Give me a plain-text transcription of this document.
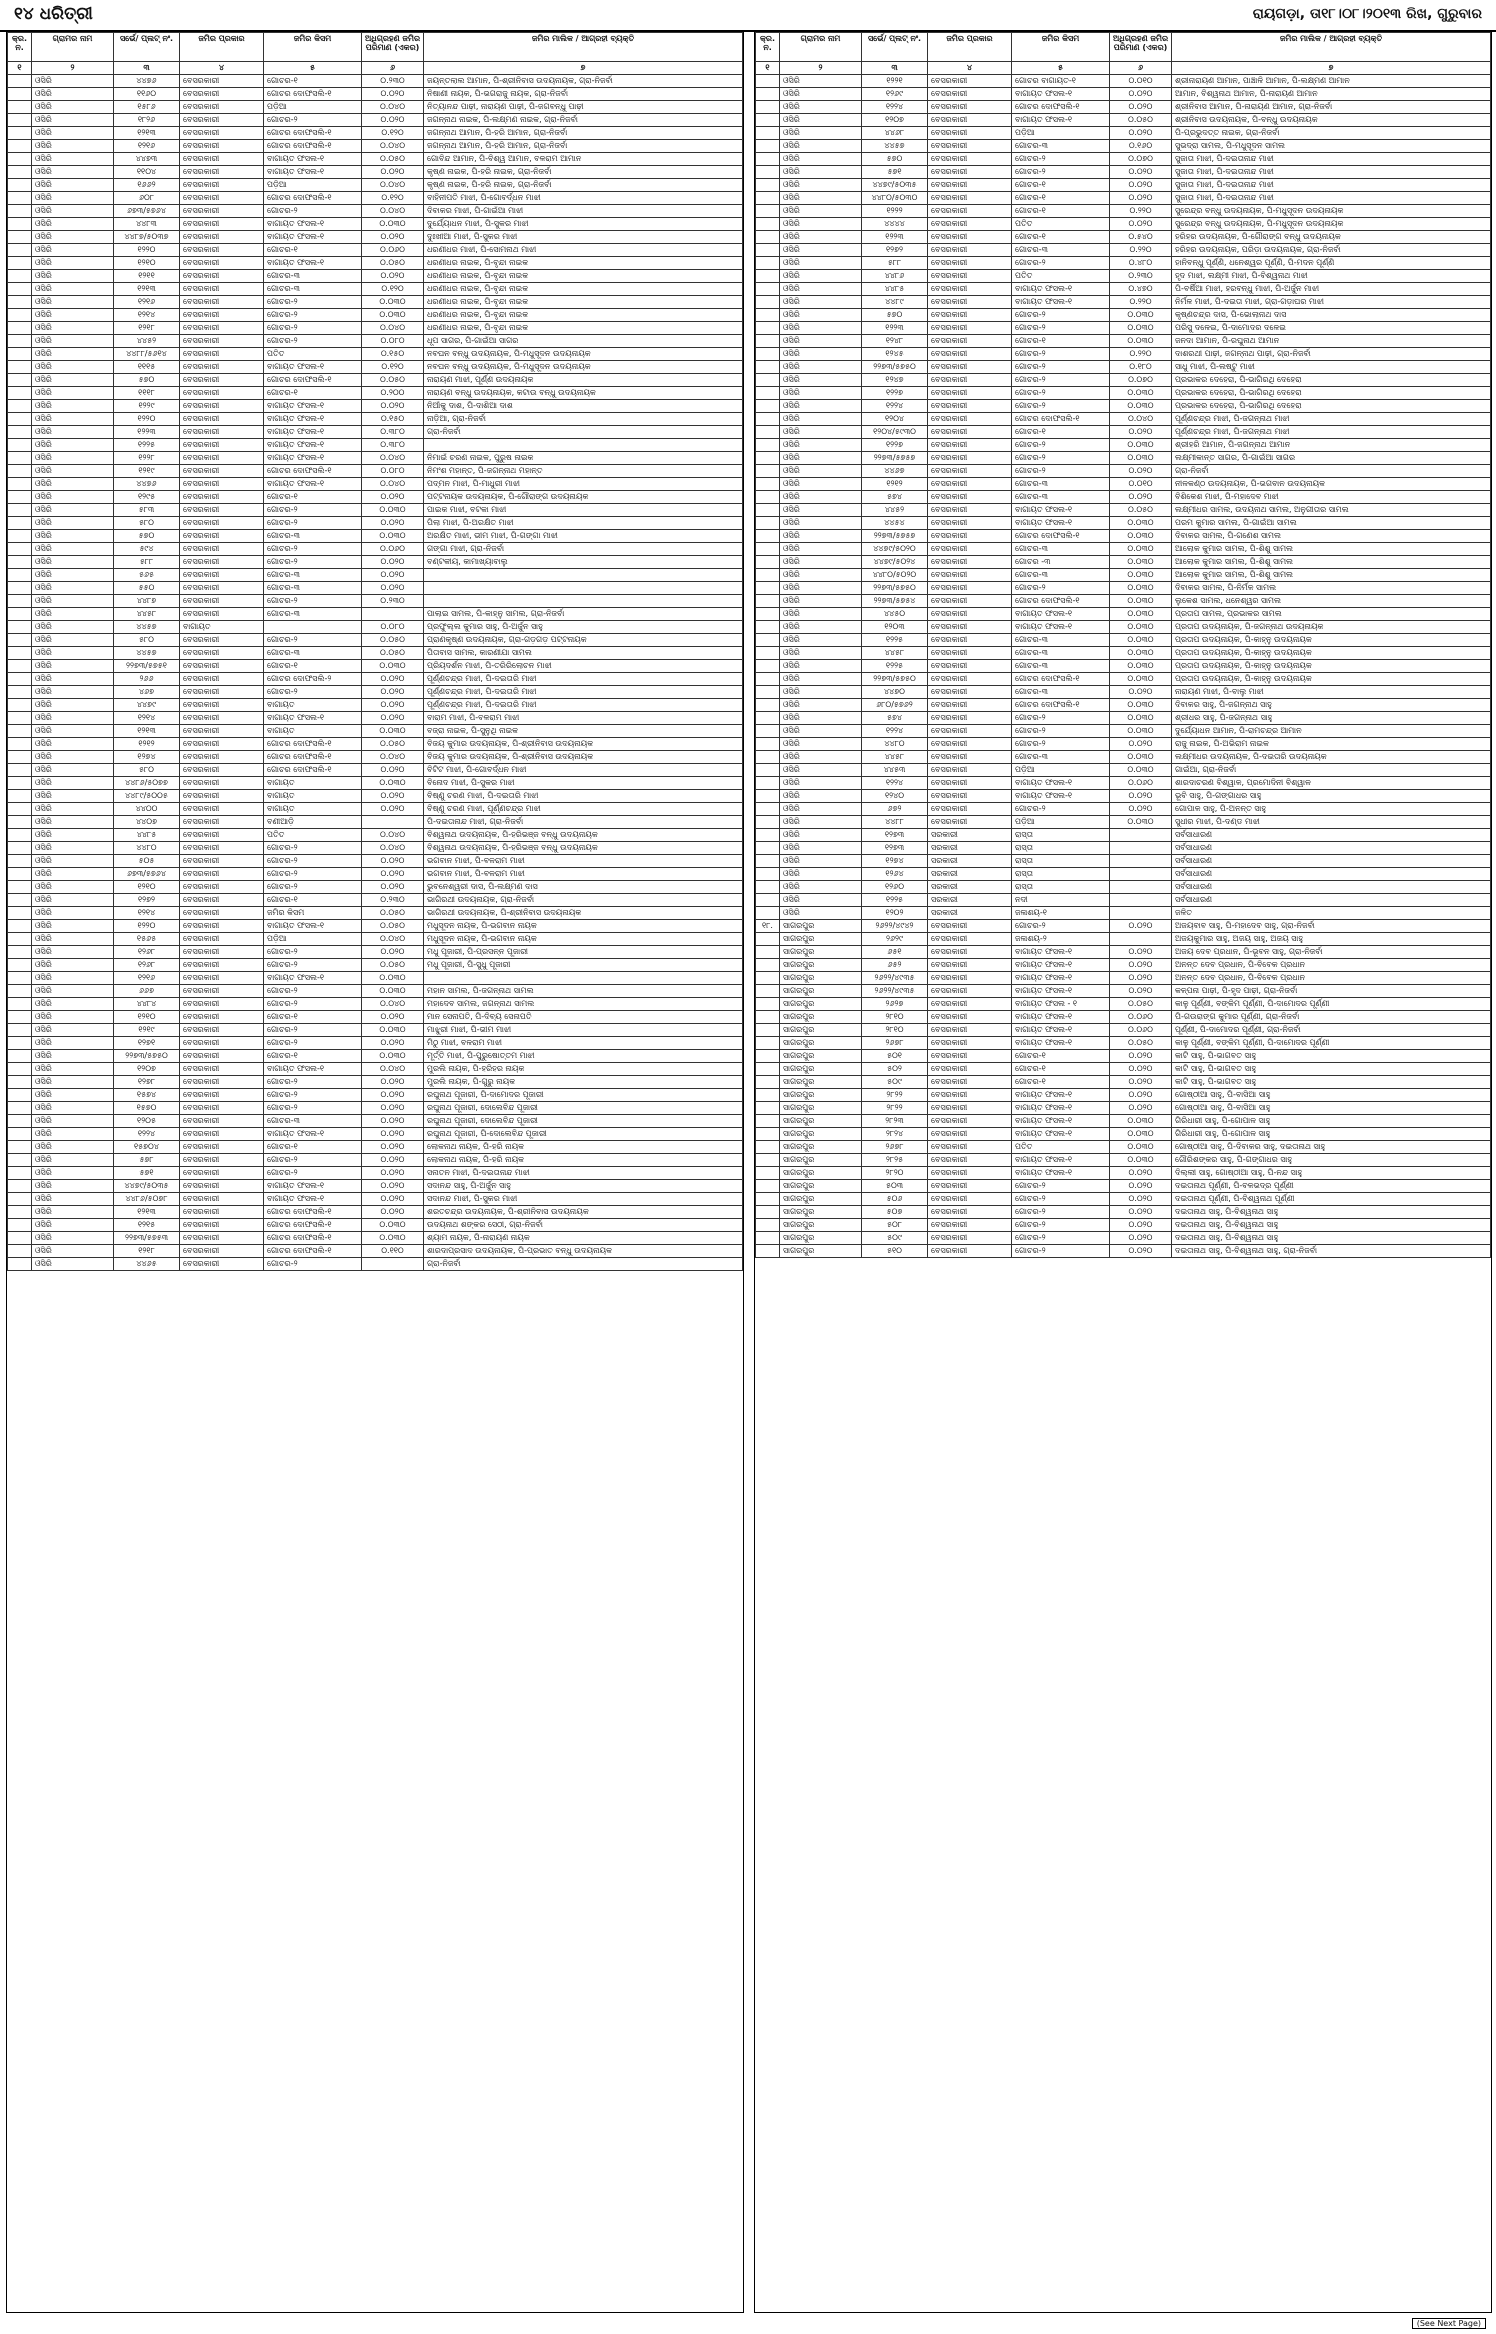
୧୪ ଧରିତ୍ରୀ	ରାୟଗଡ଼ା, ତା୧୮।୦୮।୨୦୧୩ ରିଖ, ଗୁରୁବାର
କ୍ର. ନ.	ଗ୍ରାମର ନାମ	ସର୍ଭେ/ ପ୍ଲଟ୍ ନଂ.	ଜମିର ପ୍ରକାର	ଜମିର କିସମ	ଅଧିଗ୍ରହଣ ଜମିର ପରିମାଣ (ଏକର)	ଜମିର ମାଲିକ / ଆଗ୍ରହୀ ବ୍ୟକ୍ତି
୧	୨	୩	୪	୫	୬	୭
	ଓସିରି	୪୪୭୬	ବେସରକାରୀ	ଗୋଚର-୧	୦.୨୩୦	ଜୟନ୍ତଲାଲ ଆମାନ, ପି-ଶ୍ରୀନିବାସ ଉଦୟନାୟକ, ଗ୍ରା-ନିଜର୍ବା
	ଓସିରି	୧୧୬୦	ବେସରକାରୀ	ଗୋଚର ଦୋଫସଲି-୧	୦.୦୨୦	ନିଷାଣୀ ନାୟକ, ପି-ଭଗରାଜୁ ନାୟକ, ଗ୍ରା-ନିଜର୍ବା
	ଓସିରି	୧୫୮୬	ବେସରକାରୀ	ପଡ଼ିଆ	୦.୦୪୦	ନିତ୍ୟାନନ୍ଦ ପାଢ଼ୀ, ନାରାୟଣ ପାଢ଼ୀ, ପି-ଜଗବନ୍ଧୁ ପାଢ଼ୀ
	ଓସିରି	୧୮୨୬	ବେସରକାରୀ	ଗୋଚର-୨	୦.୦୨୦	ଜଗନ୍ନାଥ ନାଇକ, ପି-ଲକ୍ଷ୍ମଣ ନାଇକ, ଗ୍ରା-ନିଜର୍ବା
	ଓସିରି	୧୨୧୩	ବେସରକାରୀ	ଗୋଚର ଦୋଫସଲି-୧	୦.୧୨୦	ଜଗନ୍ନାଥ ଆମାନ, ପି-ହରି ଆମାନ, ଗ୍ରା-ନିଜର୍ବା
	ଓସିରି	୧୨୧୬	ବେସରକାରୀ	ଗୋଚର ଦୋଫସଲି-୧	୦.୦୪୦	ଜଗନ୍ନାଥ ଆମାନ, ପି-ହରି ଆମାନ, ଗ୍ରା-ନିଜର୍ବା
	ଓସିରି	୪୪୭୩	ବେସରକାରୀ	ବାଗାୟତ ଫସଲ-୧	୦.୦୫୦	ଗୋବିନ୍ଦ ଆମାନ, ପି-ବିଶ୍ୱ ଆମାନ, ବଳରାମ ଆମାନ
	ଓସିରି	୧୧୦୪	ବେସରକାରୀ	ବାଗାୟତ ଫସଲ-୧	୦.୦୨୦	କୃଷ୍ଣ ନାଇକ, ପି-ହରି ନାଇକ, ଗ୍ରା-ନିଜର୍ବା
	ଓସିରି	୧୬୬୨	ବେସରକାରୀ	ପଡ଼ିଆ	୦.୦୪୦	କୃଷ୍ଣ ନାଇକ, ପି-ହରି ନାଇକ, ଗ୍ରା-ନିଜର୍ବା
	ଓସିରି	୬୦୮	ବେସରକାରୀ	ଗୋଚର ଦୋଫସଲି-୧	୦.୧୨୦	ବାହିନୀପତି ମାଝୀ, ପି-ଗୋବର୍ଦ୍ଧନ ମାଝୀ
	ଓସିରି	୬୭୩/୫୭୬୪	ବେସରକାରୀ	ଗୋଚର-୨	୦.୦୪୦	ଦିବାକର ମାଝୀ, ପି-ଗାଇଁଆ ମାଝୀ
	ଓସିରି	୪୪୮୩	ବେସରକାରୀ	ବାଗାୟତ ଫସଲ-୧	୦.୦୩୦	ଦୁର୍ଯ୍ୟୋଧନ ମାଝୀ, ପି-ସୁକର ମାଝୀ
	ଓସିରି	୪୪୮୭/୫୦୩୭	ବେସରକାରୀ	ବାଗାୟତ ଫସଲ-୧	୦.୦୨୦	ଦୁଃଖୀଆ ମାଝୀ, ପି-ସୁକର ମାଝୀ
	ଓସିରି	୧୨୨୦	ବେସରକାରୀ	ଗୋଚର-୧	୦.୦୬୦	ଧରଣୀଧର ମାଝୀ, ପି-ସୋମନାଥ ମାଝୀ
	ଓସିରି	୧୨୧୦	ବେସରକାରୀ	ବାଗାୟତ ଫସଲ-୧	୦.୦୫୦	ଧରଣୀଧର ନାଇକ, ପି-ବୃନ୍ଦା ନାଇକ
	ଓସିରି	୧୨୧୧	ବେସରକାରୀ	ଗୋଚର-୩	୦.୦୨୦	ଧରଣୀଧର ନାଇକ, ପି-ବୃନ୍ଦା ନାଇକ
	ଓସିରି	୧୨୧୩	ବେସରକାରୀ	ଗୋଚର-୩	୦.୧୨୦	ଧରଣୀଧର ନାଇକ, ପି-ବୃନ୍ଦା ନାଇକ
	ଓସିରି	୧୨୧୬	ବେସରକାରୀ	ଗୋଚର-୨	୦.୦୩୦	ଧରଣୀଧର ନାଇକ, ପି-ବୃନ୍ଦା ନାଇକ
	ଓସିରି	୧୨୧୪	ବେସରକାରୀ	ଗୋଚର-୨	୦.୦୩୦	ଧରଣୀଧର ନାଇକ, ପି-ବୃନ୍ଦା ନାଇକ
	ଓସିରି	୧୨୧୮	ବେସରକାରୀ	ଗୋଚର-୨	୦.୦୪୦	ଧରଣୀଧର ନାଇକ, ପି-ବୃନ୍ଦା ନାଇକ
	ଓସିରି	୪୪୫୨	ବେସରକାରୀ	ଗୋଚର-୨	୦.୦୮୦	ଧୂପ ସାଗର, ପି-ଗାଇଁଆ ସାଗର
	ଓସିରି	୪୪୮୮/୫୬୧୪	ବେସରକାରୀ	ପତିତ	୦.୧୫୦	ନବଘନ ବନ୍ଧୁ ଉଦୟନାୟକ, ପି-ମଧୁସୂଦନ ଉଦୟନାୟକ
	ଓସିରି	୧୧୧୫	ବେସରକାରୀ	ବାଗାୟତ ଫସଲ-୧	୦.୧୨୦	ନବଘନ ବନ୍ଧୁ ଉଦୟନାୟକ, ପି-ମଧୁସୂଦନ ଉଦୟନାୟକ
	ଓସିରି	୫୭୦	ବେସରକାରୀ	ଗୋଚର ଦୋଫସଲି-୧	୦.୦୫୦	ନାରାୟଣ ମାଝୀ, ପୂର୍ଣ୍ଣ ଉଦୟନାୟକ
	ଓସିରି	୧୧୧୮	ବେସରକାରୀ	ଗୋଚର-୧	୦.୨୦୦	ନାରାୟଣ ବନ୍ଧୁ ଉଦୟନାୟକ, କଟାଉ ବନ୍ଧୁ ଉଦୟନାୟକ
	ଓସିରି	୧୨୨୯	ବେସରକାରୀ	ବାଗାୟତ ଫସଲ-୧	୦.୦୨୦	ନିଆଁକୁ ଦାଶ, ପି-ଦାଶିଆ ଦାଶ
	ଓସିରି	୧୨୨୦	ବେସରକାରୀ	ବାଗାୟତ ଫସଲ-୧	୦.୧୫୦	ନାଡ଼ିଆ, ଗ୍ରା-ନିଜର୍ବା
	ଓସିରି	୧୨୨୩	ବେସରକାରୀ	ବାଗାୟତ ଫସଲ-୧	୦.୩୮୦	ଗ୍ରା-ନିଜର୍ବା
	ଓସିରି	୧୨୨୫	ବେସରକାରୀ	ବାଗାୟତ ଫସଲ-୧	୦.୩୮୦	
	ଓସିରି	୧୨୨୮	ବେସରକାରୀ	ବାଗାୟତ ଫସଲ-୧	୦.୦୪୦	ନିମାଇଁ ଚରଣ ନାଇକ, ପୁରୁଷ ନାଇକ
	ଓସିରି	୧୨୧୯	ବେସରକାରୀ	ଗୋଚର ଦୋଫସଲି-୧	୦.୦୮୦	ନିମଂଶ ମହାନ୍ତ, ପି-ଜଗନ୍ନାଥ ମହାନ୍ତ
	ଓସିରି	୪୪୭୬	ବେସରକାରୀ	ବାଗାୟତ ଫସଲ-୧	୦.୦୪୦	ପଦ୍ମନ ମାଝୀ, ପି-ମାଧୁରୀ ମାଝୀ
	ଓସିରି	୧୨୯୫	ବେସରକାରୀ	ଗୋଚର-୧	୦.୦୨୦	ପଟ୍ଟନାୟକ ଉଦୟନାୟକ, ପି-ଗୌରାଙ୍ଗ ଉଦୟନାୟକ
	ଓସିରି	୫୮୩	ବେସରକାରୀ	ଗୋଚର-୨	୦.୦୩୦	ପାଇକ ମାଝୀ, ବଟକା ମାଝୀ
	ଓସିରି	୫୮୦	ବେସରକାରୀ	ଗୋଚର-୨	୦.୦୨୦	ପିଲା ମାଝୀ, ପି-ଅରକ୍ଷିତ ମାଝୀ
	ଓସିରି	୫୭୦	ବେସରକାରୀ	ଗୋଚର-୩	୦.୦୩୦	ଅରକ୍ଷିତ ମାଝୀ, ଭୀମ ମାଝୀ, ପି-ଗଙ୍ଗା ମାଝୀ
	ଓସିରି	୫୯୪	ବେସରକାରୀ	ଗୋଚର-୨	୦.୦୬୦	ଗଙ୍ଗା ମାଝୀ, ଗ୍ରା-ନିଜର୍ବା
	ଓସିରି	୫୮୮	ବେସରକାରୀ	ଗୋଚର-୨	୦.୦୨୦	ବଣ୍ଟକୀୟ, କାମାଖ୍ୟାବାଲୁ
	ଓସିରି	୫୬୫	ବେସରକାରୀ	ଗୋଚର-୩	୦.୦୨୦	
	ଓସିରି	୫୫୦	ବେସରକାରୀ	ଗୋଚର-୩	୦.୦୨୦	
	ଓସିରି	୪୪୮୭	ବେସରକାରୀ	ଗୋଚର-୨	୦.୨୩୦	
	ଓସିରି	୪୪୫୮	ବେସରକାରୀ	ଗୋଚର-୩		ପାଲାଇ ସାମଲ, ପି-କାହ୍ନୁ ସାମଲ, ଗ୍ରା-ନିଜର୍ବା
	ଓସିରି	୪୪୫୭	ବାଗାୟତ		୦.୦୮୦	ପ୍ରଫୁଲ୍ଲ କୁମାର ସାହୁ, ପି-ଅର୍ଜୁନ ସାହୁ
	ଓସିରି	୫୮୦	ବେସରକାରୀ	ଗୋଚର-୨	୦.୦୫୦	ପ୍ରାଣକୃଷ୍ଣ ଉଦୟନାୟକ, ଗ୍ରା-ଗଡ଼ଗଡ଼ ପଟ୍ଟନାୟକ
	ଓସିରି	୪୪୫୭	ବେସରକାରୀ	ଗୋଚର-୩	୦.୦୫୦	ପିତାବାସ ସାମଲ, କାରଣୀଯା ସାମଲ
	ଓସିରି	୨୨୭୩/୫୭୫୧	ବେସରକାରୀ	ଗୋଚର-୧	୦.୦୩୦	ପ୍ରିୟଦର୍ଶନ ମାଝୀ, ପି-ତରିରିଲୋଚନ ମାଝୀ
	ଓସିରି	୨୬୬	ବେସରକାରୀ	ଗୋଚର ଦୋଫସଲି-୨	୦.୦୨୦	ପୂର୍ଣ୍ଣଚନ୍ଦ୍ର ମାଝୀ, ପି-ଦଇତାରି ମାଝୀ
	ଓସିରି	୪୬୭	ବେସରକାରୀ	ଗୋଚର-୨	୦.୦୨୦	ପୂର୍ଣ୍ଣଚନ୍ଦ୍ର ମାଝୀ, ପି-ଦଇତାରି ମାଝୀ
	ଓସିରି	୪୪୭୯	ବେସରକାରୀ	ବାଗାୟତ	୦.୦୨୦	ପୂର୍ଣ୍ଣଚନ୍ଦ୍ର ମାଝୀ, ପି-ଦଇତାରି ମାଝୀ
	ଓସିରି	୧୨୧୪	ବେସରକାରୀ	ବାଗାୟତ ଫସଲ-୧	୦.୦୨୦	ବାରାମ ମାଝୀ, ପି-ବଳରାମ ମାଝୀ
	ଓସିରି	୧୨୧୩	ବେସରକାରୀ	ବାଗାୟତ	୦.୦୩୦	ବଜ୍ରା ନାଇକ, ପି-ସୁନୁଥି ନାଇକ
	ଓସିରି	୧୨୧୨	ବେସରକାରୀ	ଗୋଚର ଦୋଫସଲି-୧	୦.୦୫୦	ବିଜୟ କୁମାର ଉଦୟନାୟକ, ପି-ଶ୍ରୀନିବାସ ଉଦୟନାୟକ
	ଓସିରି	୧୨୭୪	ବେସରକାରୀ	ଗୋଚର ଦୋଫସଲି-୧	୦.୦୪୦	ବିଜୟ କୁମାର ଉଦୟନାୟକ, ପି-ଶ୍ରୀନିବାସ ଉଦୟନାୟକ
	ଓସିରି	୫୮୦	ବେସରକାରୀ	ଗୋଚର ଦୋଫସଲି-୧	୦.୦୨୦	ବିଟିଟ ମାଝୀ, ପି-ଗୋବର୍ଦ୍ଧନ ମାଝୀ
	ଓସିରି	୪୪୮୬/୫୦୭୭	ବେସରକାରୀ	ବାଗାୟତ	୦.୦୩୦	ବିନୋଦ ମାଝୀ, ପି-ସୁକର ମାଝୀ
	ଓସିରି	୪୪୮୯/୫୦୦୫	ବେସରକାରୀ	ବାଗାୟତ	୦.୦୨୦	ବିଷ୍ଣୁ ଚରଣ ମାଝୀ, ପି-ଦଇତାରି ମାଝୀ
	ଓସିରି	୪୪୦୦	ବେସରକାରୀ	ବାଗାୟତ	୦.୦୨୦	ବିଷ୍ଣୁ ଚରଣ ମାଝୀ, ପୂର୍ଣ୍ଣଚନ୍ଦ୍ର ମାଝୀ
	ଓସିରି	୪୪୦୭	ବେସରକାରୀ	ବଣୀଆଡ଼ି		ପି-ଦଇତାନାନ୍ଦ ମାଝୀ, ଗ୍ରା-ନିଜର୍ବା
	ଓସିରି	୪୪୮୫	ବେସରକାରୀ	ପତିତ	୦.୦୪୦	ବିଶ୍ୱନାଥ ଉଦୟନାୟକ, ପି-ହରିଭଞ୍ଜ ବନ୍ଧୁ ଉଦୟନାୟକ
	ଓସିରି	୪୪୮୦	ବେସରକାରୀ	ଗୋଚର-୨	୦.୦୪୦	ବିଶ୍ୱନାଥ ଉଦୟନାୟକ, ପି-ହରିଭଞ୍ଜ ବନ୍ଧୁ ଉଦୟନାୟକ
	ଓସିରି	୫୦୫	ବେସରକାରୀ	ଗୋଚର-୨	୦.୦୨୦	ଭଗବାନ ମାଝୀ, ପି-ବଳରାମ ମାଝୀ
	ଓସିରି	୬୭୩/୫୭୬୪	ବେସରକାରୀ	ଗୋଚର-୨	୦.୦୨୦	ଭଗବାନ ମାଝୀ, ପି-ବଳରାମ ମାଝୀ
	ଓସିରି	୧୨୧୦	ବେସରକାରୀ	ଗୋଚର-୨	୦.୦୨୦	ଭୁବନେଶ୍ୱରୀ ଦାସ, ପି-ଲକ୍ଷ୍ମଣ ଦାସ
	ଓସିରି	୧୨୭୨	ବେସରକାରୀ	ଗୋଚର-୧	୦.୨୩୦	ଭାଗିରଥୀ ଉଦୟନାୟକ, ଗ୍ରା-ନିଜର୍ବା
	ଓସିରି	୧୨୧୪	ବେସରକାରୀ	ଜମିର କିସମ	୦.୦୫୦	ଭାଗିରଥୀ ଉଦୟନାୟକ, ପି-ଶ୍ରୀନିବାସ ଉଦୟନାୟକ
	ଓସିରି	୧୨୨୦	ବେସରକାରୀ	ବାଗାୟତ ଫସଲ-୧	୦.୦୫୦	ମଧୁସୂଦନ ନାୟକ, ପି-ଭଗବାନ ନାୟକ
	ଓସିରି	୧୫୬୫	ବେସରକାରୀ	ପଡ଼ିଆ	୦.୦୪୦	ମଧୁସୂଦନ ନାୟକ, ପି-ଭଗବାନ ନାୟକ
	ଓସିରି	୧୨୬୮	ବେସରକାରୀ	ଗୋଚର-୨	୦.୦୨୦	ମଧୁ ପୂଜାରୀ, ପି-ପ୍ରସନ୍ନ ପୂଜାରୀ
	ଓସିରି	୧୨୬୮	ବେସରକାରୀ	ଗୋଚର-୨	୦.୦୫୦	ମଧୁ ପୂଜାରୀ, ପି-ସୁଧୁ ପୂଜାରୀ
	ଓସିରି	୧୨୧୬	ବେସରକାରୀ	ବାଗାୟତ ଫସଲ-୧	୦.୦୩୦	
	ଓସିରି	୬୬୭	ବେସରକାରୀ	ଗୋଚର-୨	୦.୦୩୦	ମହାନ ସାମଲ, ପି-ଜଗନ୍ନାଥ ସାମଲ
	ଓସିରି	୪୪୮୪	ବେସରକାରୀ	ଗୋଚର-୨	୦.୦୪୦	ମହାଦେବ ସାମଲ, ଜଗନ୍ନାଥ ସାମଲ
	ଓସିରି	୧୨୧୦	ବେସରକାରୀ	ଗୋଚର-୧	୦.୦୨୦	ମାନ ସେନାପତି, ପି-ଦିବ୍ୟ ସେନାପତି
	ଓସିରି	୧୨୧୯	ବେସରକାରୀ	ଗୋଚର-୨	୦.୦୩୦	ମାଝୁରୀ ମାଝୀ, ପି-ଭୀମ ମାଝୀ
	ଓସିରି	୧୨୭୧	ବେସରକାରୀ	ଗୋଚର-୨	୦.୦୨୦	ମିଠୁ ମାଝୀ, ବଳରାମ ମାଝୀ
	ଓସିରି	୨୨୭୩/୫୭୫୦	ବେସରକାରୀ	ଗୋଚର-୧	୦.୦୩୦	ମୂର୍ତ୍ତି ମାଝୀ, ପି-ପୁରୁଷୋତ୍ତମ ମାଝୀ
	ଓସିରି	୧୨୦୭	ବେସରକାରୀ	ବାଗାୟତ ଫସଲ-୧	୦.୦୪୦	ମୁରଲି ନାୟକ, ପି-ହରିହର ନାୟକ
	ଓସିରି	୧୨୭୮	ବେସରକାରୀ	ଗୋଚର-୨	୦.୦୨୦	ମୁରଲି ନାୟକ, ପି-ଗୁରୁ ନାୟକ
	ଓସିରି	୧୫୭୪	ବେସରକାରୀ	ଗୋଚର-୨	୦.୦୨୦	ରଘୁନାଥ ପୂଜାରୀ, ପି-ଦାମୋଦର ପୂଜାରୀ
	ଓସିରି	୧୫୭୦	ବେସରକାରୀ	ଗୋଚର-୨	୦.୦୨୦	ରଘୁନାଥ ପୂଜାରୀ, ଦୋଲେବିନ୍ଦ ପୂଜାରୀ
	ଓସିରି	୧୨୦୫	ବେସରକାରୀ	ଗୋଚର-୩	୦.୦୨୦	ରଘୁନାଥ ପୂଜାରୀ, ଦୋଲେବିନ୍ଦ ପୂଜାରୀ
	ଓସିରି	୧୨୨୪	ବେସରକାରୀ	ବାଗାୟତ ଫସଲ-୧	୦.୦୨୦	ରଘୁନାଥ ପୂଜାରୀ, ପି-ଦୋଲେବିନ୍ଦ ପୂଜାରୀ
	ଓସିରି	୧୫୭୦୪	ବେସରକାରୀ	ଗୋଚର-୧	୦.୦୨୦	ଲୋକନାଥ ନାୟକ, ପି-ହରି ନାୟକ
	ଓସିରି	୫୭୮	ବେସରକାରୀ	ଗୋଚର-୨	୦.୦୨୦	ଲୋକନାଥ ନାୟକ, ପି-ହରି ନାୟକ
	ଓସିରି	୫୭୧	ବେସରକାରୀ	ଗୋଚର-୨	୦.୦୨୦	ସନାତନ ମାଝୀ, ପି-ଦଇତାନାନ୍ଦ ମାଝୀ
	ଓସିରି	୪୪୭୯/୫୦୩୫	ବେସରକାରୀ	ବାଗାୟତ ଫସଲ-୧	୦.୦୨୦	ସଦାନନ୍ଦ ସାହୁ, ପି-ଅର୍ଜୁନ ସାହୁ
	ଓସିରି	୪୪୮୬/୫୦୭୮	ବେସରକାରୀ	ବାଗାୟତ ଫସଲ-୧	୦.୦୨୦	ସଦାନନ୍ଦ ମାଝୀ, ପି-ସୁକର ମାଝୀ
	ଓସିରି	୧୨୧୩	ବେସରକାରୀ	ଗୋଚର ଦୋଫସଲି-୧	୦.୦୨୦	ଶରତଚନ୍ଦ୍ର ଉଦୟନାୟକ, ପି-ଶ୍ରୀନିବାସ ଉଦୟନାୟକ
	ଓସିରି	୧୨୧୫	ବେସରକାରୀ	ଗୋଚର ଦୋଫସଲି-୧	୦.୦୩୦	ଉଦୟନାଥ ଶଙ୍କର ସେଠୀ, ଗ୍ରା-ନିଜର୍ବା
	ଓସିରି	୨୨୭୩/୫୭୫୩	ବେସରକାରୀ	ଗୋଚର ଦୋଫସଲି-୧	୦.୦୩୦	ଶ୍ୟାମ ନାୟକ, ପି-ନାରାୟଣ ନାୟକ
	ଓସିରି	୧୨୧୮	ବେସରକାରୀ	ଗୋଚର ଦୋଫସଲି-୧	୦.୧୧୦	ଶାରଦାପ୍ରସାଦ ଉଦୟନାୟକ, ପି-ପ୍ରଭାତ ବନ୍ଧୁ ଉଦୟନାୟକ
	ଓସିରି	୪୪୬୫	ବେସରକାରୀ	ଗୋଚର-୨		ଗ୍ରା-ନିଜର୍ବା
କ୍ର. ନ.	ଗ୍ରାମର ନାମ	ସର୍ଭେ/ ପ୍ଲଟ୍ ନଂ.	ଜମିର ପ୍ରକାର	ଜମିର କିସମ	ଅଧିଗ୍ରହଣ ଜମିର ପରିମାଣ (ଏକର)	ଜମିର ମାଲିକ / ଆଗ୍ରହୀ ବ୍ୟକ୍ତି
୧	୨	୩	୪	୫	୬	୭
	ଓସିରି	୧୨୨୧	ବେସରକାରୀ	ଗୋଚର ବାଗାୟତ-୧	୦.୦୧୦	ଶ୍ରୀନାରାୟଣ ଆମାନ, ପାଞ୍ଚାଳି ଆମାନ, ପି-ଲକ୍ଷ୍ମଣ ଆମାନ
	ଓସିରି	୧୨୬୯	ବେସରକାରୀ	ବାଗାୟତ ଫସଲ-୧	୦.୦୨୦	ଆମାନ, ବିଶ୍ୱନାଥ ଆମାନ, ପି-ନାରାୟଣ ଆମାନ
	ଓସିରି	୧୨୨୪	ବେସରକାରୀ	ଗୋଚର ଦୋଫସଲି-୧	୦.୦୨୦	ଶ୍ରୀନିବାସ ଆମାନ, ପି-ନାରାୟଣ ଆମାନ, ଗ୍ରା-ନିଜର୍ବା
	ଓସିରି	୧୨୦୭	ବେସରକାରୀ	ବାଗାୟତ ଫସଲ-୧	୦.୦୫୦	ଶ୍ରୀନିବାସ ଉଦୟନାୟକ, ପି-ବନ୍ଧୁ ଉଦୟନାୟକ
	ଓସିରି	୪୪୬୮	ବେସରକାରୀ	ପଡ଼ିଆ	୦.୦୨୦	ପି-ପ୍ରଭୁଦତ୍ତ ନାଇକ, ଗ୍ରା-ନିଜର୍ବା
	ଓସିରି	୪୪୫୭	ବେସରକାରୀ	ଗୋଚର-୩	୦.୧୬୦	ସୁଭଦ୍ରା ସାମଲ, ପି-ମଧୁସୂଦନ ସାମଲ
	ଓସିରି	୫୭୦	ବେସରକାରୀ	ଗୋଚର-୨	୦.୦୭୦	ସୁଜାତା ମାଝୀ, ପି-ଦଇତାନାନ୍ଦ ମାଝୀ
	ଓସିରି	୫୭୧	ବେସରକାରୀ	ଗୋଚର-୨	୦.୦୨୦	ସୁଜାତା ମାଝୀ, ପି-ଦଇତାନାନ୍ଦ ମାଝୀ
	ଓସିରି	୪୪୭୯/୫୦୩୫	ବେସରକାରୀ	ଗୋଚର-୧	୦.୦୨୦	ସୁଜାତା ମାଝୀ, ପି-ଦଇତାନାନ୍ଦ ମାଝୀ
	ଓସିରି	୪୪୮୦/୫୦୩୦	ବେସରକାରୀ	ଗୋଚର-୧	୦.୦୨୦	ସୁଜାତା ମାଝୀ, ପି-ଦଇତାନାନ୍ଦ ମାଝୀ
	ଓସିରି	୧୨୨୨	ବେସରକାରୀ	ଗୋଚର-୧	୦.୨୨୦	ସୁରେନ୍ଦ୍ର ବନ୍ଧୁ ଉଦୟନାୟକ, ପି-ମଧୁସୂଦନ ଉଦୟନାୟକ
	ଓସିରି	୪୪୪୪	ବେସରକାରୀ	ପତିତ	୦.୦୨୦	ସୁରେନ୍ଦ୍ର ବନ୍ଧୁ ଉଦୟନାୟକ, ପି-ମଧୁସୂଦନ ଉଦୟନାୟକ
	ଓସିରି	୧୨୨୩	ବେସରକାରୀ	ଗୋଚର-୧	୦.୫୪୦	ହରିହର ଉଦୟନାୟକ, ପି-ଗୌରାଙ୍ଗ ବନ୍ଧୁ ଉଦୟନାୟକ
	ଓସିରି	୧୨୭୨	ବେସରକାରୀ	ଗୋଚର-୩	୦.୨୨୦	ହରିହର ଉଦୟନାୟକ, ପରିଡ଼ା ଉଦୟନାୟକ, ଗ୍ରା-ନିଜର୍ବା
	ଓସିରି	୫୮୮	ବେସରକାରୀ	ଗୋଚର-୨	୦.୪୮୦	ହାନିବନ୍ଧୁ ପୂର୍ଣ୍ଣି, ଧନେଶ୍ୱର ପୂର୍ଣ୍ଣି, ପି-ମଦନ ପୂର୍ଣ୍ଣି
	ଓସିରି	୪୪୮୬	ବେସରକାରୀ	ପତିତ	୦.୨୩୦	ହୃଦ ମାଝୀ, ଲକ୍ଷ୍ମୀ ମାଝୀ, ପି-ବିଶ୍ୱନାଥ ମାଝୀ
	ଓସିରି	୪୪୮୫	ବେସରକାରୀ	ବାଗାୟତ ଫସଲ-୧	୦.୪୭୦	ପି-ବର୍ଷିଆ ମାଝୀ, ହରବନ୍ଧୁ ମାଝୀ, ପି-ଅର୍ଜୁନ ମାଝୀ
	ଓସିରି	୪୪୮୯	ବେସରକାରୀ	ବାଗାୟତ ଫସଲ-୧	୦.୨୨୦	ନିର୍ମଳ ମାଝୀ, ପି-ଦଇତା ମାଝୀ, ଗ୍ରା-ଗଡ଼ାଘର ମାଝୀ
	ଓସିରି	୫୭୦	ବେସରକାରୀ	ଗୋଚର-୨	୦.୦୩୦	କୃଷ୍ଣଚନ୍ଦ୍ର ଦାସ, ପି-ଭୋଲାନାଥ ଦାସ
	ଓସିରି	୧୨୨୩	ବେସରକାରୀ	ଗୋଚର-୨	୦.୦୩୦	ପରିସୁ ଦଳେଇ, ପି-ଦାମୋଦର ଦଳେଇ
	ଓସିରି	୧୨୪୮	ବେସରକାରୀ	ଗୋଚର-୧	୦.୦୩୦	ଜନଦା ଆମାନ, ପି-ରଘୁନାଥ ଆମାନ
	ଓସିରି	୧୨୪୫	ବେସରକାରୀ	ଗୋଚର-୨	୦.୨୨୦	ଦାଶରଥୀ ପାଢ଼ୀ, ଜଗନ୍ନାଥ ପାଢ଼ୀ, ଗ୍ରା-ନିଜର୍ବା
	ଓସିରି	୨୨୭୩/୫୭୫୦	ବେସରକାରୀ	ଗୋଚର-୨	୦.୧୮୦	ସାଧୁ ମାଝୀ, ପି-ଲଷ୍ଟୁ ମାଝୀ
	ଓସିରି	୧୨୪୭	ବେସରକାରୀ	ଗୋଚର-୨	୦.୦୭୦	ପ୍ରଭାକର ଦେହେରା, ପି-ଭାଗିରଥି ଦେହେରା
	ଓସିରି	୧୨୨୭	ବେସରକାରୀ	ଗୋଚର-୨	୦.୦୩୦	ପ୍ରଭାକର ଦେହେରା, ପି-ଭାଗିରଥି ଦେହେରା
	ଓସିରି	୧୨୨୪	ବେସରକାରୀ	ଗୋଚର-୨	୦.୦୩୦	ପ୍ରଭାକର ଦେହେରା, ପି-ଭାଗିରଥି ଦେହେରା
	ଓସିରି	୧୨୦୪	ବେସରକାରୀ	ଗୋଚର ଦୋଫସଲି-୧	୦.୦୪୦	ପୂର୍ଣ୍ଣଚନ୍ଦ୍ର ମାଝୀ, ପି-ଜଗନ୍ନାଥ ମାଝୀ
	ଓସିରି	୧୨୦୪/୫୯୩୦	ବେସରକାରୀ	ଗୋଚର-୧	୦.୦୨୦	ପୂର୍ଣ୍ଣଚନ୍ଦ୍ର ମାଝୀ, ପି-ଜଗନ୍ନାଥ ମାଝୀ
	ଓସିରି	୧୨୨୭	ବେସରକାରୀ	ଗୋଚର-୨	୦.୦୩୦	ଶ୍ରୀହରି ଆମାନ, ପି-ଜଗନ୍ନାଥ ଆମାନ
	ଓସିରି	୨୨୭୩/୫୭୫୭	ବେସରକାରୀ	ଗୋଚର-୨	୦.୦୩୦	ଲକ୍ଷ୍ମୀକାନ୍ତ ସାଗର, ପି-ଗାଇଁଆ ସାଗର
	ଓସିରି	୪୪୬୭	ବେସରକାରୀ	ଗୋଚର-୨	୦.୦୨୦	ଗ୍ରା-ନିଜର୍ବା
	ଓସିରି	୧୨୧୨	ବେସରକାରୀ	ଗୋଚର-୩	୦.୦୧୦	ନୀଳକଣ୍ଠ ଉଦୟନାୟକ, ପି-ଭଗବାନ ଉଦୟନାୟକ
	ଓସିରି	୫୭୪	ବେସରକାରୀ	ଗୋଚର-୩	୦.୦୨୦	ବିଶିକେଶ ମାଝୀ, ପି-ମହାଦେବ ମାଝୀ
	ଓସିରି	୪୪୫୨	ବେସରକାରୀ	ବାଗାୟତ ଫସଲ-୧	୦.୦୫୦	ଲକ୍ଷ୍ମୀଧର ସାମଲ, ଉଦୟନାଥ ସାମଲ, ଅନୁଗୀତାର ସାମଲ
	ଓସିରି	୪୪୫୪	ବେସରକାରୀ	ବାଗାୟତ ଫସଲ-୧	୦.୦୩୦	ପରମ କୁମାର ସାମଲ, ପି-ଗାଇଁଆ ସାମଲ
	ଓସିରି	୨୨୭୩/୫୭୫୭	ବେସରକାରୀ	ଗୋଚର ଦୋଫସଲି-୧	୦.୦୩୦	ଦିବାକର ସାମଲ, ପି-ଗଣେଶ ସାମଲ
	ଓସିରି	୪୪୭୯/୫୦୨୦	ବେସରକାରୀ	ଗୋଚର-୩	୦.୦୩୦	ଆଲୋକ କୁମାର ସାମଲ, ପି-ଶିଶୁ ସାମଲ
	ଓସିରି	୪୪୭୯/୫୦୨୪	ବେସରକାରୀ	ଗୋଚର -୩	୦.୦୩୦	ଆଲୋକ କୁମାର ସାମଲ, ପି-ଶିଶୁ ସାମଲ
	ଓସିରି	୪୪୮୦/୫୦୨୦	ବେସରକାରୀ	ଗୋଚର-୩	୦.୦୩୦	ଆଲୋକ କୁମାର ସାମଲ, ପି-ଶିଶୁ ସାମଲ
	ଓସିରି	୨୨୭୩/୫୭୫୦	ବେସରକାରୀ	ଗୋଚର-୨	୦.୦୩୦	ଦିବାକର ସାମଲ, ପି-ନିର୍ମଳ ସାମଲ
	ଓସିରି	୨୨୭୩/୫୭୫୪	ବେସରକାରୀ	ଗୋଚର ଦୋଫସଲି-୧	୦.୦୩୦	ଲୁକେଶ ସାମଲ, ଧନେଶ୍ୱର ସାମଲ
	ଓସିରି	୪୪୫୦	ବେସରକାରୀ	ବାଗାୟତ ଫସଲ-୧	୦.୦୩୦	ପ୍ରତାପ ସାମଲ, ପ୍ରଭାକର ସାମଲ
	ଓସିରି	୧୨୦୩	ବେସରକାରୀ	ବାଗାୟତ ଫସଲ-୧	୦.୦୩୦	ପ୍ରତାପ ଉଦୟନାୟକ, ପି-ଜଗନ୍ନାଥ ଉଦୟନାୟକ
	ଓସିରି	୧୨୨୫	ବେସରକାରୀ	ଗୋଚର-୩	୦.୦୩୦	ପ୍ରତାପ ଉଦୟନାୟକ, ପି-କାହ୍ନୁ ଉଦୟନାୟକ
	ଓସିରି	୪୪୫୮	ବେସରକାରୀ	ଗୋଚର-୩	୦.୦୩୦	ପ୍ରତାପ ଉଦୟନାୟକ, ପି-କାହ୍ନୁ ଉଦୟନାୟକ
	ଓସିରି	୧୨୨୫	ବେସରକାରୀ	ଗୋଚର-୩	୦.୦୩୦	ପ୍ରତାପ ଉଦୟନାୟକ, ପି-କାହ୍ନୁ ଉଦୟନାୟକ
	ଓସିରି	୨୨୭୩/୫୭୫୦	ବେସରକାରୀ	ଗୋଚର ଦୋଫସଲି-୧	୦.୦୩୦	ପ୍ରତାପ ଉଦୟନାୟକ, ପି-କାହ୍ନୁ ଉଦୟନାୟକ
	ଓସିରି	୪୪୭୦	ବେସରକାରୀ	ଗୋଚର-୩	୦.୦୨୦	ନାରାୟଣ ମାଝୀ, ପି-ବାଲୁ ମାଝୀ
	ଓସିରି	୬୮୦/୫୭୬୨	ବେସରକାରୀ	ଗୋଚର ଦୋଫସଲି-୧	୦.୦୩୦	ଦିବାକର ସାହୁ, ପି-ଜଗନ୍ନାଥ ସାହୁ
	ଓସିରି	୫୭୪	ବେସରକାରୀ	ଗୋଚର-୨	୦.୦୩୦	ଶ୍ରୀଧର ସାହୁ, ପି-ଜଗନ୍ନାଥ ସାହୁ
	ଓସିରି	୧୨୨୪	ବେସରକାରୀ	ଗୋଚର-୨	୦.୦୩୦	ଦୁର୍ଯ୍ୟୋଧନ ଆମାନ, ପି-ରାମଚନ୍ଦ୍ର ଆମାନ
	ଓସିରି	୪୪୮୦	ବେସରକାରୀ	ଗୋଚର-୨	୦.୦୨୦	ରାଜୁ ନାଇକ, ପି-ଅଭିରାମ ନାଇକ
	ଓସିରି	୪୪୫୮	ବେସରକାରୀ	ଗୋଚର-୩	୦.୦୩୦	ଲକ୍ଷ୍ମୀଧର ଉଦୟନାୟକ, ପି-ଦଇତାରି ଉଦୟନାୟକ
	ଓସିରି	୪୪୫୩	ବେସରକାରୀ	ପଡ଼ିଆ	୦.୦୩୦	ଗାଇଁଆ, ଗ୍ରା-ନିଜର୍ବା
	ଓସିରି	୧୨୨୪	ବେସରକାରୀ	ବାଗାୟତ ଫସଲ-୧	୦.୦୬୦	ଶାରଦାଚରଣ ବିଶ୍ୱାଳ, ପ୍ରମୋଦିନୀ ବିଶ୍ୱାଳ
	ଓସିରି	୧୨୪୦	ବେସରକାରୀ	ବାଗାୟତ ଫସଲ-୧	୦.୦୨୦	ଭୂବି ସାହୁ, ପି-ଗଙ୍ଗାଧର ସାହୁ
	ଓସିରି	୬୭୨	ବେସରକାରୀ	ଗୋଚର-୨	୦.୦୨୦	ଗୋପାଳ ସାହୁ, ପି-ଅନନ୍ତ ସାହୁ
	ଓସିରି	୪୪୮୮	ବେସରକାରୀ	ପଡ଼ିଆ	୦.୦୩୦	ସୁଧୀର ମାଝୀ, ପି-ଦଣ୍ଡ ମାଝୀ
	ଓସିରି	୧୨୭୩	ସରକାରୀ	ରାସ୍ତା		ସର୍ବସାଧାରଣ
	ଓସିରି	୧୨୭୩	ସରକାରୀ	ରାସ୍ତା		ସର୍ବସାଧାରଣ
	ଓସିରି	୧୨୭୪	ସରକାରୀ	ରାସ୍ତା		ସର୍ବସାଧାରଣ
	ଓସିରି	୧୨୬୪	ସରକାରୀ	ରାସ୍ତା		ସର୍ବସାଧାରଣ
	ଓସିରି	୧୨୬୦	ସରକାରୀ	ରାସ୍ତା		ସର୍ବସାଧାରଣ
	ଓସିରି	୧୨୨୫	ସରକାରୀ	ନଦୀ		ସର୍ବସାଧାରଣ
	ଓସିରି	୧୨୦୨	ସରକାରୀ	ଜଳାଶୟ-୧		ଜଳିତ
୧୮.	ସାଗରପୁର	୨୬୨୨/୪୯୪୨	ବେସରକାରୀ	ଗୋଚର-୨	୦.୦୨୦	ଅଜୟବାବ ସାହୁ, ପି-ମହାଦେବ ସାହୁ, ଗ୍ରା-ନିଜର୍ବା
	ସାଗରପୁର	୨୬୨୯	ବେସରକାରୀ	ଜଳାଶୟ-୨		ଅଜୟକୁମାର ସାହୁ, ଅଜୟ ସାହୁ, ଅଜୟ ସାହୁ
	ସାଗରପୁର	୬୫୧	ବେସରକାରୀ	ବାଗାୟତ ଫସଲ-୧	୦.୦୨୦	ଅଜୟ ଦେବ ପ୍ରଧାନ, ପି-ଭୂବନ ସାହୁ, ଗ୍ରା-ନିଜର୍ବା
	ସାଗରପୁର	୬୫୨	ବେସରକାରୀ	ବାଗାୟତ ଫସଲ-୧	୦.୦୨୦	ଅନନ୍ତ ଦେବ ପ୍ରଧାନ, ପି-ବିବେକ ପ୍ରଧାନ
	ସାଗରପୁର	୨୬୨୨/୪୯୩୫	ବେସରକାରୀ	ବାଗାୟତ ଫସଲ-୧	୦.୦୨୦	ଅନନ୍ତ ଦେବ ପ୍ରଧାନ, ପି-ବିବେକ ପ୍ରଧାନ
	ସାଗରପୁର	୨୬୨୨/୪୯୩୫	ବେସରକାରୀ	ବାଗାୟତ ଫସଲ-୧	୦.୦୨୦	କଳ୍ପନା ପାଢ଼ୀ, ପି-ହୃଦ ପାଢ଼ୀ, ଗ୍ରା-ନିଜର୍ବା
	ସାଗରପୁର	୨୬୨୭	ବେସରକାରୀ	ବାଗାୟତ ଫସଲ - ୧	୦.୦୫୦	କାଳୁ ପୂର୍ଣ୍ଣୀ, ବଙ୍କିମ ପୂର୍ଣ୍ଣୀ, ପି-ଦାମୋଦର ପୂର୍ଣ୍ଣୀ
	ସାଗରପୁର	୨୮୧୦	ବେସରକାରୀ	ବାଗାୟତ ଫସଲ-୧	୦.୦୬୦	ପି-ଗଉରାଙ୍ଗ କୁମାର ପୂର୍ଣ୍ଣୀ, ଗ୍ରା-ନିଜର୍ବା
	ସାଗରପୁର	୨୮୧୦	ବେସରକାରୀ	ବାଗାୟତ ଫସଲ-୧	୦.୦୬୦	ପୂର୍ଣ୍ଣୀ, ପି-ଦାମୋଦର ପୂର୍ଣ୍ଣୀ, ଗ୍ରା-ନିଜର୍ବା
	ସାଗରପୁର	୨୬୭୮	ବେସରକାରୀ	ବାଗାୟତ ଫସଲ-୧	୦.୦୫୦	କାଳୁ ପୂର୍ଣ୍ଣୀ, ବଙ୍କିମ ପୂର୍ଣ୍ଣୀ, ପି-ଦାମୋଦର ପୂର୍ଣ୍ଣୀ
	ସାଗରପୁର	୫୦୧	ବେସରକାରୀ	ଗୋଚର-୧	୦.୦୨୦	କାଟି ସାହୁ, ପି-ଭାଗବତ ସାହୁ
	ସାଗରପୁର	୫୦୨	ବେସରକାରୀ	ଗୋଚର-୧	୦.୦୨୦	କାଟି ସାହୁ, ପି-ଭାଗବତ ସାହୁ
	ସାଗରପୁର	୫୦୯	ବେସରକାରୀ	ଗୋଚର-୧	୦.୦୨୦	କାଟି ସାହୁ, ପି-ଭାଗବତ ସାହୁ
	ସାଗରପୁର	୨୮୨୨	ବେସରକାରୀ	ବାଗାୟତ ଫସଲ-୧	୦.୦୨୦	ଗୋଷ୍ଠୀଆ ସାହୁ, ପି-ବାସିଆ ସାହୁ
	ସାଗରପୁର	୨୮୨୨	ବେସରକାରୀ	ବାଗାୟତ ଫସଲ-୧	୦.୦୨୦	ଗୋଷ୍ଠୀଆ ସାହୁ, ପି-ବାସିଆ ସାହୁ
	ସାଗରପୁର	୨୮୨୩	ବେସରକାରୀ	ବାଗାୟତ ଫସଲ-୧	୦.୦୩୦	ଗିରିଧାରୀ ସାହୁ, ପି-ଗୋପାଳ ସାହୁ
	ସାଗରପୁର	୨୮୨୪	ବେସରକାରୀ	ବାଗାୟତ ଫସଲ-୧	୦.୦୩୦	ଗିରିଧାରୀ ସାହୁ, ପି-ଗୋପାଳ ସାହୁ
	ସାଗରପୁର	୨୬୭୮	ବେସରକାରୀ	ପତିତ	୦.୦୩୦	ଗୋଷ୍ଠୀଆ ସାହୁ, ପି-ଦିବାକର ସାହୁ, ଦଇତାନାଥ ସାହୁ
	ସାଗରପୁର	୨୮୨୫	ବେସରକାରୀ	ବାଗାୟତ ଫସଲ-୧	୦.୦୩୦	ଗୌରିଶଙ୍କର ସାହୁ, ପି-ଗଙ୍ଗାଧର ସାହୁ
	ସାଗରପୁର	୨୮୨୦	ବେସରକାରୀ	ବାଗାୟତ ଫସଲ-୧	୦.୦୨୦	ଦିଲ୍ଲୀ ସାହୁ, ଗୋଷ୍ଠୀଆ ସାହୁ, ପି-ନନ୍ଦ ସାହୁ
	ସାଗରପୁର	୫୦୩	ବେସରକାରୀ	ଗୋଚର-୨	୦.୦୨୦	ଦଇତାନାଥ ପୂର୍ଣ୍ଣୀ, ପି-ବଳଭଦ୍ର ପୂର୍ଣ୍ଣୀ
	ସାଗରପୁର	୫୦୬	ବେସରକାରୀ	ଗୋଚର-୨	୦.୦୨୦	ଦଇତାନାଥ ପୂର୍ଣ୍ଣୀ, ପି-ବିଶ୍ୱନାଥ ପୂର୍ଣ୍ଣୀ
	ସାଗରପୁର	୫୦୭	ବେସରକାରୀ	ଗୋଚର-୨	୦.୦୨୦	ଦଇତାନାଥ ସାହୁ, ପି-ବିଶ୍ୱନାଥ ସାହୁ
	ସାଗରପୁର	୫୦୮	ବେସରକାରୀ	ଗୋଚର-୨	୦.୦୨୦	ଦଇତାନାଥ ସାହୁ, ପି-ବିଶ୍ୱନାଥ ସାହୁ
	ସାଗରପୁର	୫୦୯	ବେସରକାରୀ	ଗୋଚର-୨	୦.୦୨୦	ଦଇତାନାଥ ସାହୁ, ପି-ବିଶ୍ୱନାଥ ସାହୁ
	ସାଗରପୁର	୫୧୦	ବେସରକାରୀ	ଗୋଚର-୨	୦.୦୨୦	ଦଇତାନାଥ ସାହୁ, ପି-ବିଶ୍ୱନାଥ ସାହୁ, ଗ୍ରା-ନିଜର୍ବା
(See Next Page)
